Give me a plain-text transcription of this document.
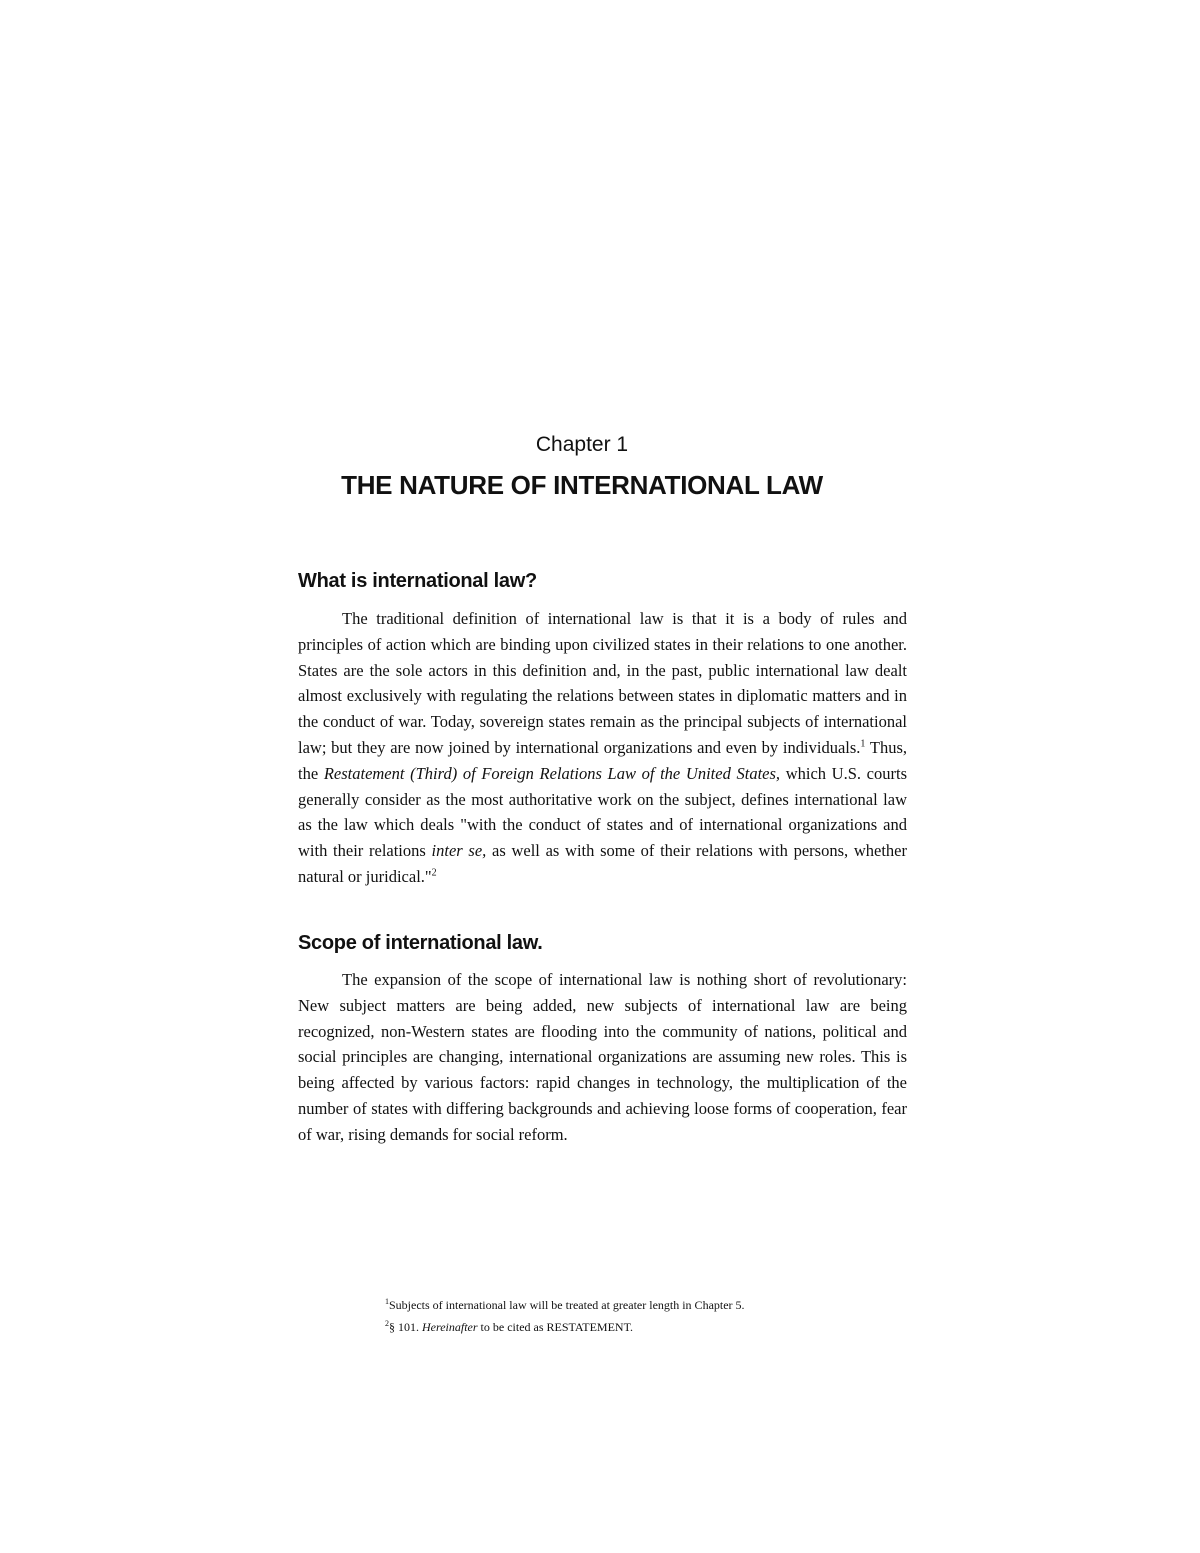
Chapter 1
THE NATURE OF INTERNATIONAL LAW
What is international law?

The traditional definition of international law is that it is a body of rules and principles of action which are binding upon civilized states in their relations to one another. States are the sole actors in this definition and, in the past, public international law dealt almost exclusively with regulating the relations between states in diplomatic matters and in the conduct of war. Today, sovereign states remain as the principal subjects of international law; but they are now joined by international organizations and even by individuals.$^1$ Thus, the Restatement (Third) of Foreign Relations Law of the United States, which U.S. courts generally consider as the most authoritative work on the subject, defines international law as the law which deals "with the conduct of states and of international organizations and with their relations inter se, as well as with some of their relations with persons, whether natural or juridical."$^2$

Scope of international law.

The expansion of the scope of international law is nothing short of revolutionary: New subject matters are being added, new subjects of international law are being recognized, non-Western states are flooding into the community of nations, political and social principles are changing, international organizations are assuming new roles. This is being affected by various factors: rapid changes in technology, the multiplication of the number of states with differing backgrounds and achieving loose forms of cooperation, fear of war, rising demands for social reform.

$^1$Subjects of international law will be treated at greater length in Chapter 5.

$^2$§ 101. Hereinafter to be cited as RESTATEMENT.
